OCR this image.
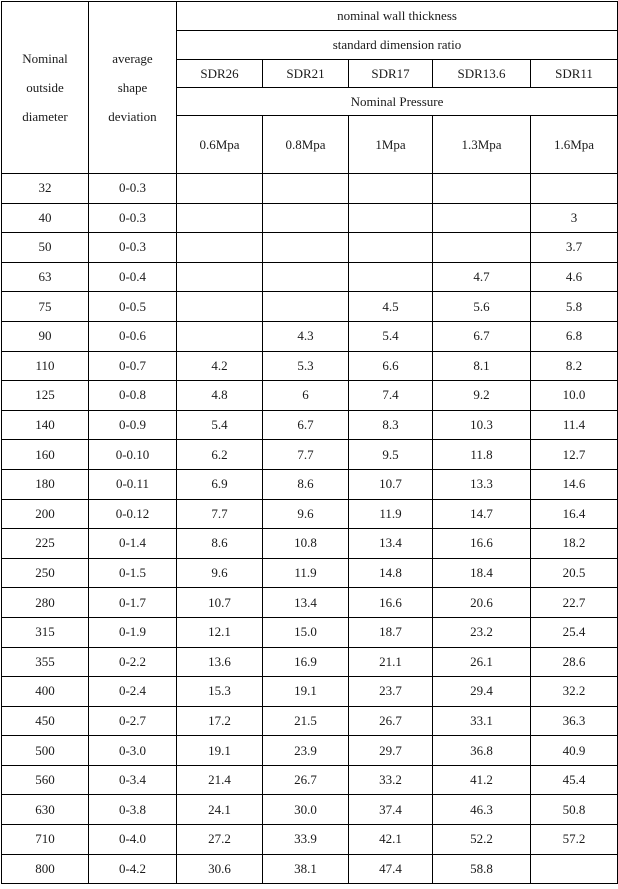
Nominal
outside
diameter	average
shape
deviation	nominal wall thickness				
		standard dimension ratio				
		SDR26	SDR21	SDR17	SDR13.6	SDR11
		Nominal Pressure				
		0.6Mpa	0.8Mpa	1Mpa	1.3Mpa	1.6Mpa
32	0-0.3					
40	0-0.3					3
50	0-0.3					3.7
63	0-0.4				4.7	4.6
75	0-0.5			4.5	5.6	5.8
90	0-0.6		4.3	5.4	6.7	6.8
110	0-0.7	4.2	5.3	6.6	8.1	8.2
125	0-0.8	4.8	6	7.4	9.2	10.0
140	0-0.9	5.4	6.7	8.3	10.3	11.4
160	0-0.10	6.2	7.7	9.5	11.8	12.7
180	0-0.11	6.9	8.6	10.7	13.3	14.6
200	0-0.12	7.7	9.6	11.9	14.7	16.4
225	0-1.4	8.6	10.8	13.4	16.6	18.2
250	0-1.5	9.6	11.9	14.8	18.4	20.5
280	0-1.7	10.7	13.4	16.6	20.6	22.7
315	0-1.9	12.1	15.0	18.7	23.2	25.4
355	0-2.2	13.6	16.9	21.1	26.1	28.6
400	0-2.4	15.3	19.1	23.7	29.4	32.2
450	0-2.7	17.2	21.5	26.7	33.1	36.3
500	0-3.0	19.1	23.9	29.7	36.8	40.9
560	0-3.4	21.4	26.7	33.2	41.2	45.4
630	0-3.8	24.1	30.0	37.4	46.3	50.8
710	0-4.0	27.2	33.9	42.1	52.2	57.2
800	0-4.2	30.6	38.1	47.4	58.8	
